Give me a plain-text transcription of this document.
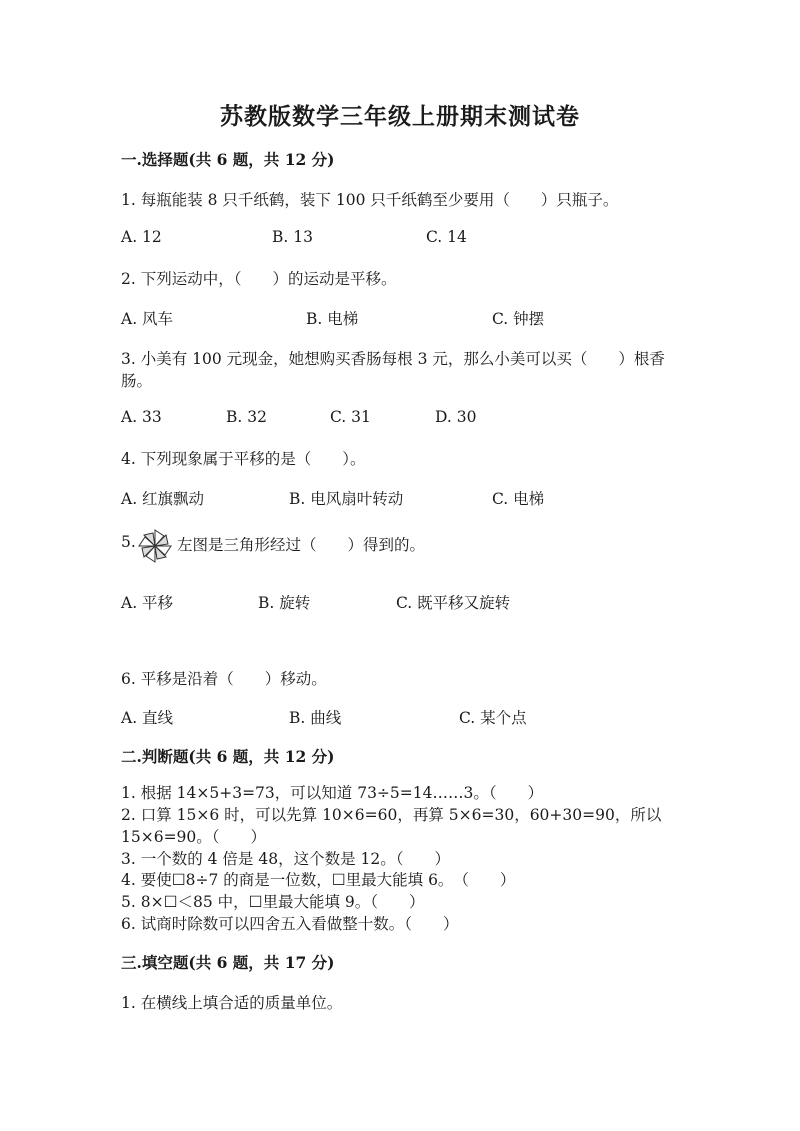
苏教版数学三年级上册期末测试卷
一.选择题(共 6 题，共 12 分)
1. 每瓶能装 8 只千纸鹤，装下 100 只千纸鹤至少要用（　　）只瓶子。
A. 12	B. 13	C. 14
2. 下列运动中，（　　）的运动是平移。
A. 风车	B. 电梯	C. 钟摆
3. 小美有 100 元现金，她想购买香肠每根 3 元，那么小美可以买（　　）根香
肠。
A. 33	B. 32	C. 31	D. 30
4. 下列现象属于平移的是（　　）。
A. 红旗飘动	B. 电风扇叶转动	C. 电梯
5.	左图是三角形经过（　　）得到的。
A. 平移	B. 旋转	C. 既平移又旋转
6. 平移是沿着（　　）移动。
A. 直线	B. 曲线	C. 某个点
二.判断题(共 6 题，共 12 分)
1. 根据 14×5+3=73，可以知道 73÷5=14……3。（　　）
2. 口算 15×6 时，可以先算 10×6=60，再算 5×6=30，60+30=90，所以
15×6=90。（　　）
3. 一个数的 4 倍是 48，这个数是 12。（　　）
4. 要使☐8÷7 的商是一位数，☐里最大能填 6。　（　　）
5. 8×☐＜85 中，☐里最大能填 9。（　　）
6. 试商时除数可以四舍五入看做整十数。（　　）
三.填空题(共 6 题，共 17 分)
1. 在横线上填合适的质量单位。
